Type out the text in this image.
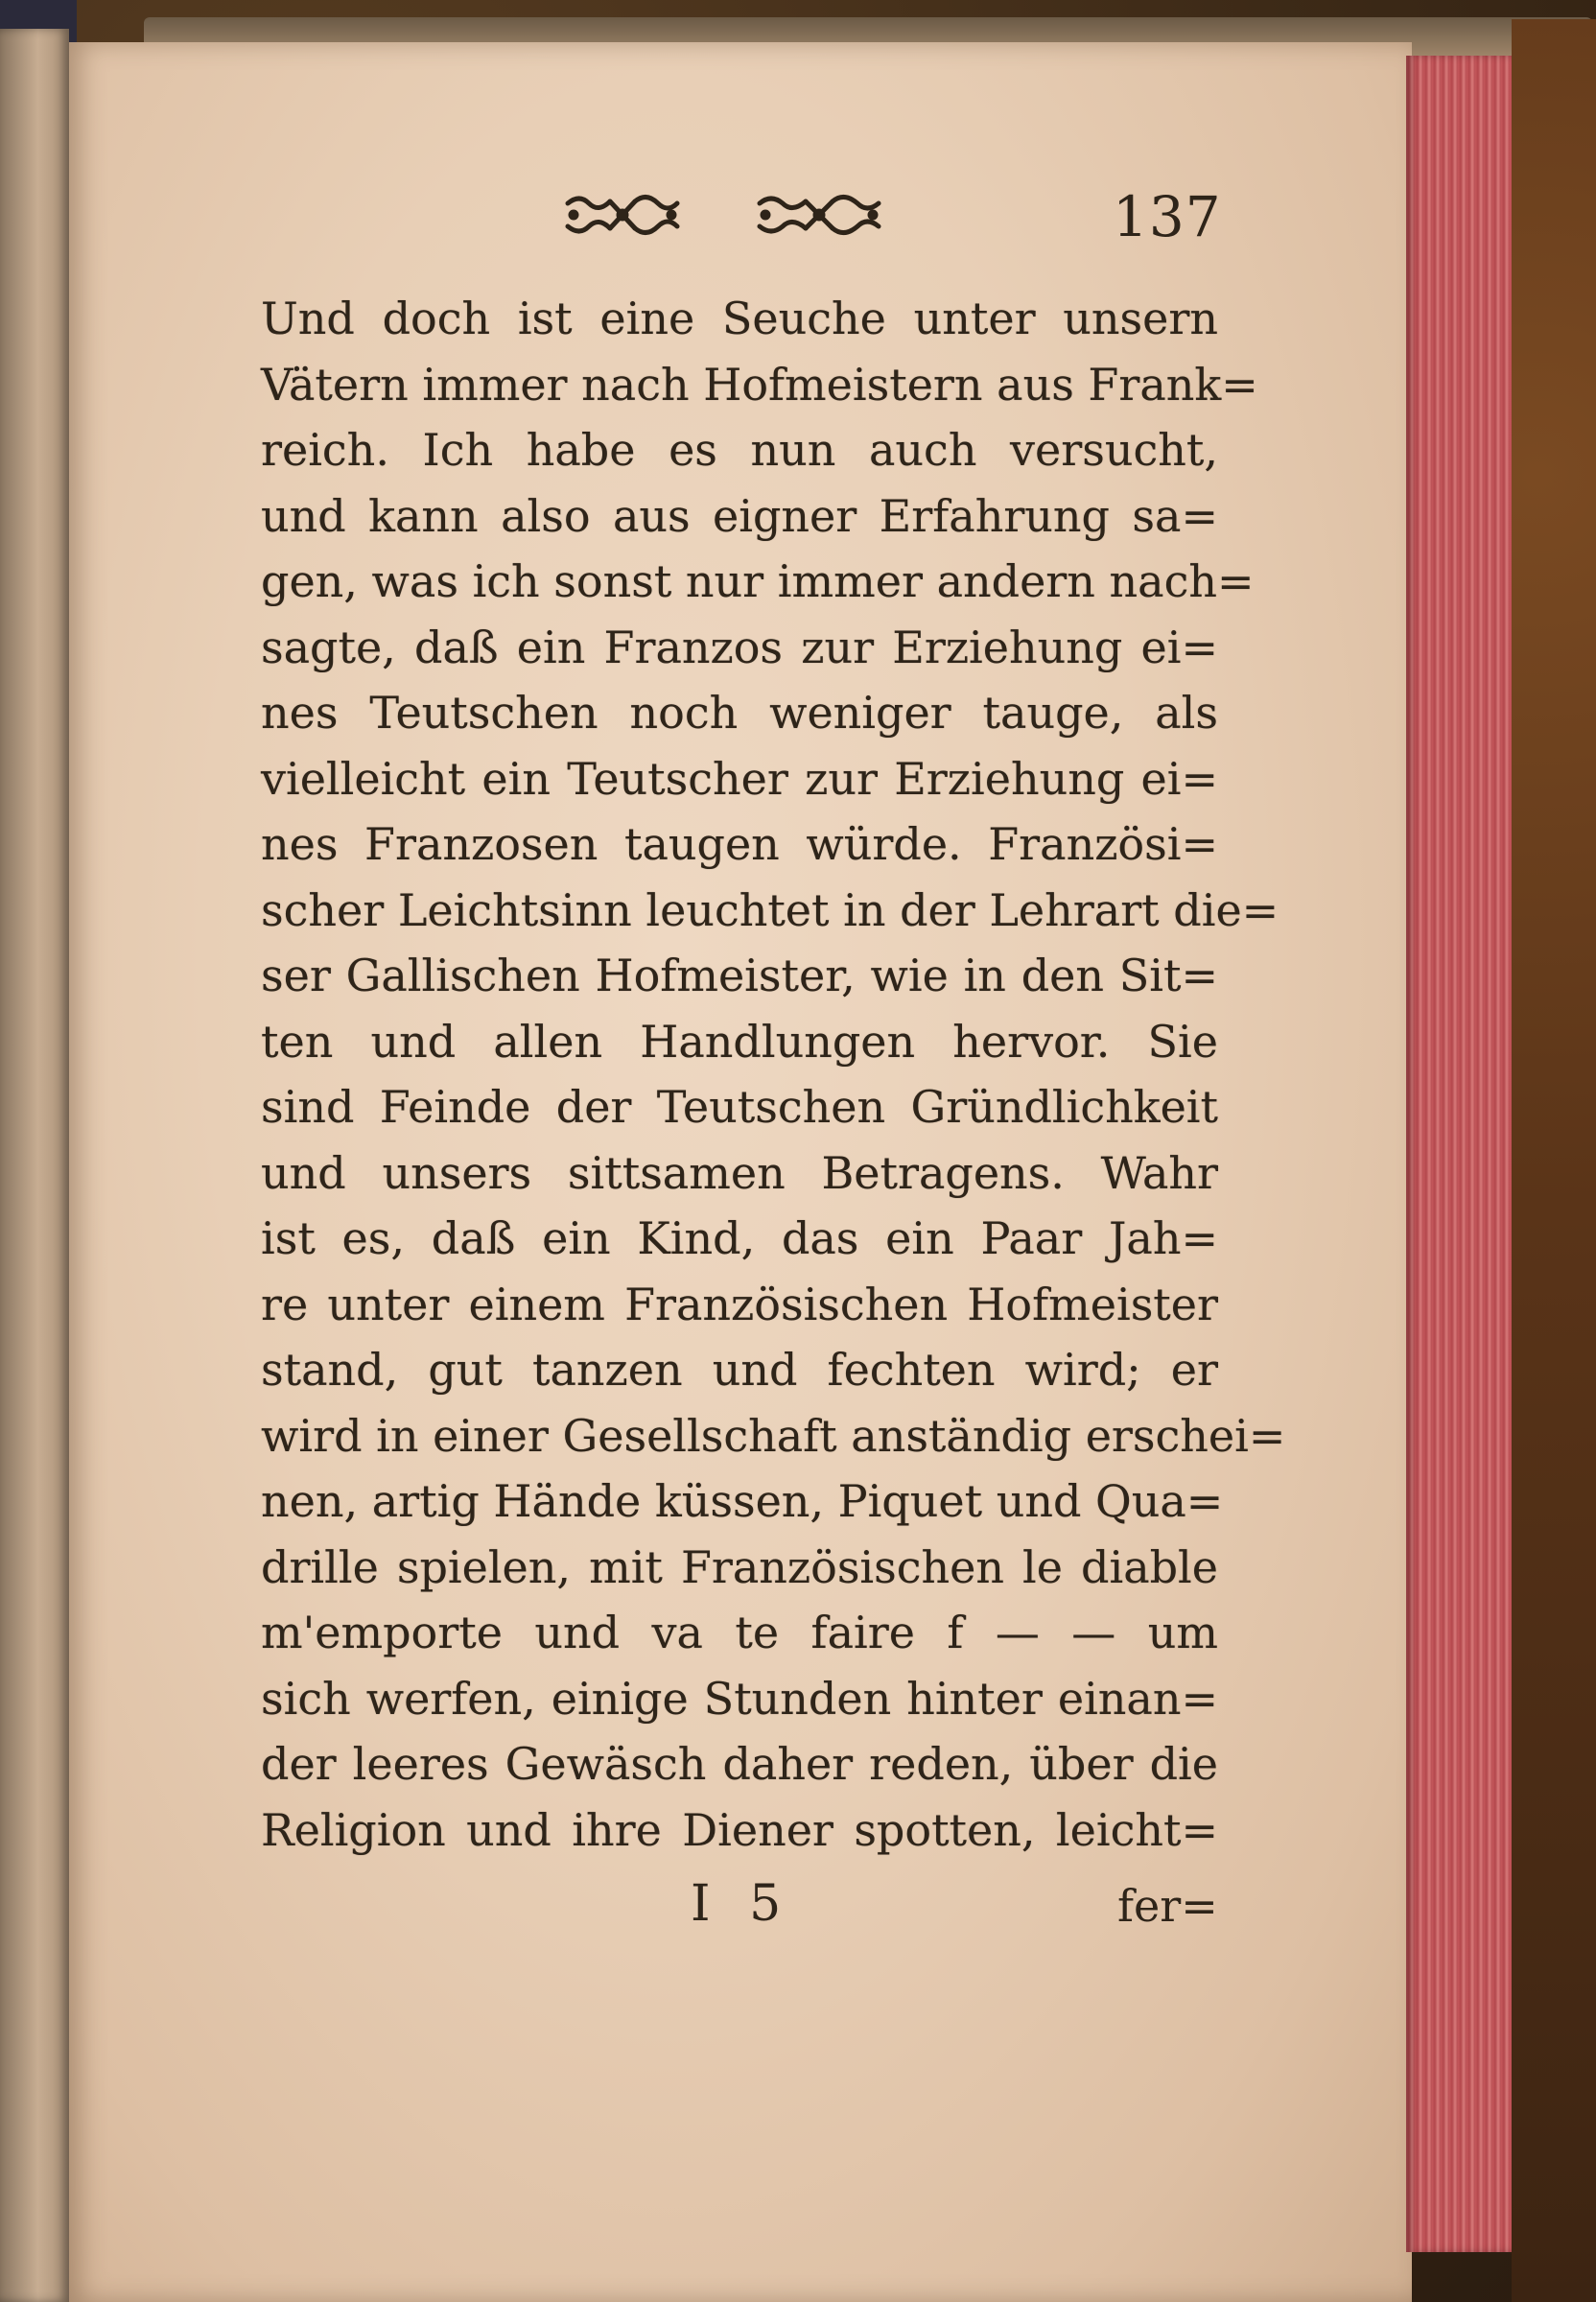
137
Und doch ist eine Seuche unter unsern
Vätern immer nach Hofmeistern aus Frank=
reich. Ich habe es nun auch versucht,
und kann also aus eigner Erfahrung sa=
gen, was ich sonst nur immer andern nach=
sagte, daß ein Franzos zur Erziehung ei=
nes Teutschen noch weniger tauge, als
vielleicht ein Teutscher zur Erziehung ei=
nes Franzosen taugen würde. Französi=
scher Leichtsinn leuchtet in der Lehrart die=
ser Gallischen Hofmeister, wie in den Sit=
ten und allen Handlungen hervor. Sie
sind Feinde der Teutschen Gründlichkeit
und unsers sittsamen Betragens. Wahr
ist es, daß ein Kind, das ein Paar Jah=
re unter einem Französischen Hofmeister
stand, gut tanzen und fechten wird; er
wird in einer Gesellschaft anständig erschei=
nen, artig Hände küssen, Piquet und Qua=
drille spielen, mit Französischen le diable
m'emporte und va te faire f — — um
sich werfen, einige Stunden hinter einan=
der leeres Gewäsch daher reden, über die
Religion und ihre Diener spotten, leicht=
I 5	fer=
